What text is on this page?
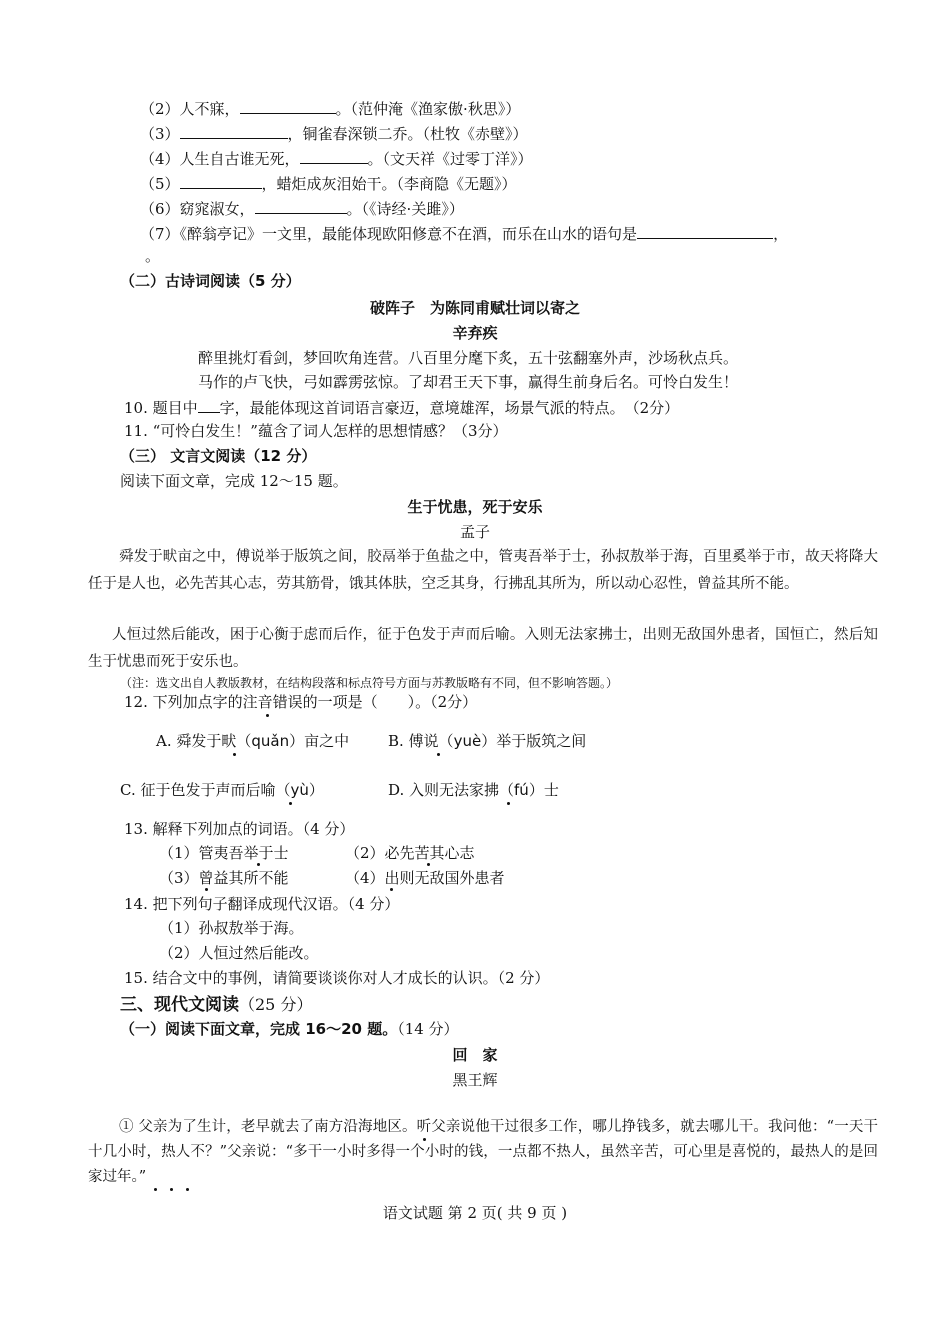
（2）人不寐，	。（范仲淹《渔家傲·秋思》）
（3）	，铜雀春深锁二乔。（杜牧《赤壁》）
（4）人生自古谁无死，	。（文天祥《过零丁洋》）
（5）	，蜡炬成灰泪始干。（李商隐《无题》）
（6）窈窕淑女，	。（《诗经·关雎》）
（7）《醉翁亭记》一文里，最能体现欧阳修意不在酒，而乐在山水的语句是	，
。
（二）古诗词阅读（5 分）
破阵子　为陈同甫赋壮词以寄之
辛弃疾
醉里挑灯看剑，梦回吹角连营。八百里分麾下炙，五十弦翻塞外声，沙场秋点兵。
马作的卢飞快，弓如霹雳弦惊。了却君王天下事，赢得生前身后名。可怜白发生！
10. 题目中 字，最能体现这首词语言豪迈，意境雄浑，场景气派的特点。　（2分）
11. “可怜白发生！”蕴含了词人怎样的思想情感？（3分）
（三） 文言文阅读（12 分）
阅读下面文章，完成 12～15 题。
生于忧患，死于安乐
孟子
舜发于畎亩之中，傅说举于版筑之间，胶鬲举于鱼盐之中，管夷吾举于士，孙叔敖举于海，百里奚举于市，故天将降大任于是人也，必先苦其心志，劳其筋骨，饿其体肤，空乏其身，行拂乱其所为，所以动心忍性，曾益其所不能。
人恒过然后能改，困于心衡于虑而后作，征于色发于声而后喻。入则无法家拂士，出则无敌国外患者，国恒亡，然后知生于忧患而死于安乐也。
（注：选文出自人教版教材，在结构段落和标点符号方面与苏教版略有不同，但不影响答题。）
12. 下列加点字的注音错误的一项是（　　）。（2分）
A. 舜发于畎（quǎn）亩之中	B. 傅说（yuè）举于版筑之间
C. 征于色发于声而后喻（yù）	D. 入则无法家拂（fú）士
13. 解释下列加点的词语。（4 分）
（1）管夷吾举于士	（2）必先苦其心志
（3）曾益其所不能	（4）出则无敌国外患者
14. 把下列句子翻译成现代汉语。（4 分）
（1）孙叔敖举于海。
（2）人恒过然后能改。
15. 结合文中的事例，请简要谈谈你对人才成长的认识。（2 分）
三、现代文阅读（25 分）
（一）阅读下面文章，完成 16〜20 题。（14 分）
回　家
黑王辉
① 父亲为了生计，老早就去了南方沿海地区。听父亲说他干过很多工作，哪儿挣钱多，就去哪儿干。我问他：“一天干十几小时，热人不？”父亲说：“多干一小时多得一个小时的钱，一点都不热人，虽然辛苦，可心里是喜悦的，最热人的是回家过年。”
语文试题 第 2 页( 共 9 页 )
